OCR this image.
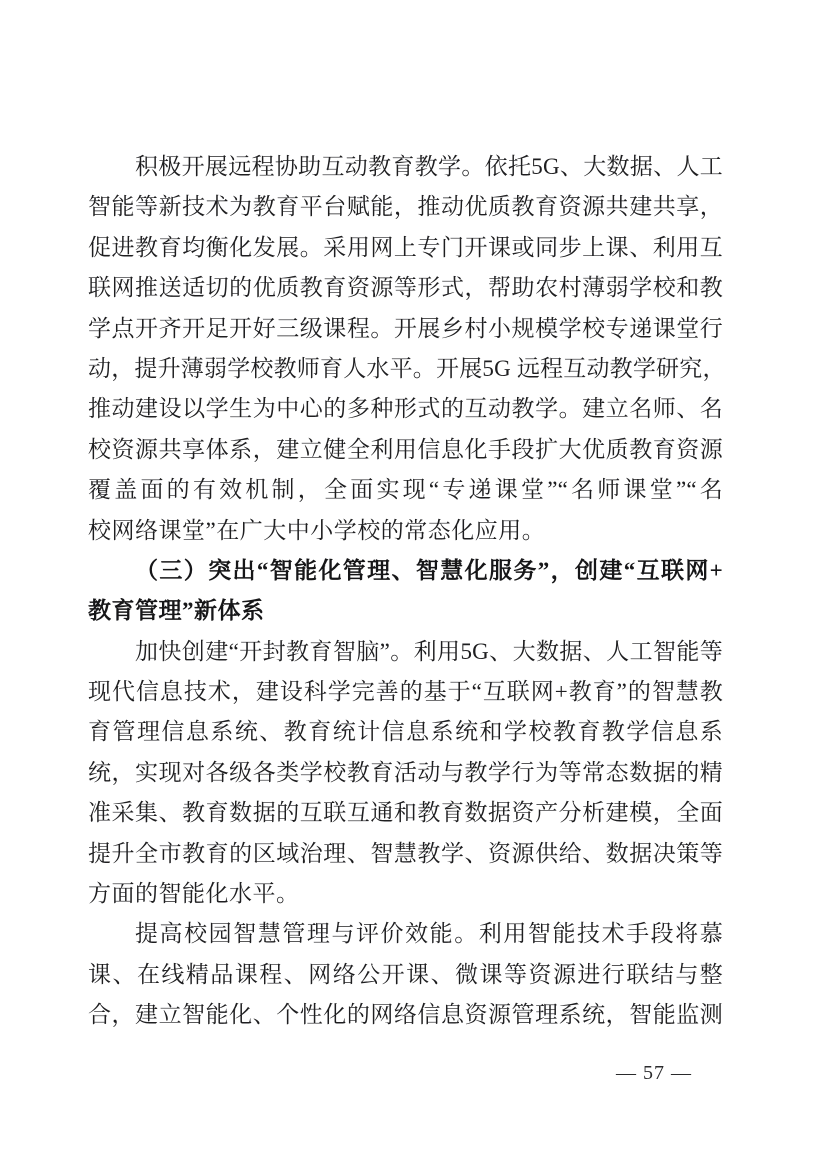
积极开展远程协助互动教育教学。依托5G、大数据、人工
智能等新技术为教育平台赋能，推动优质教育资源共建共享，
促进教育均衡化发展。采用网上专门开课或同步上课、利用互
联网推送适切的优质教育资源等形式，帮助农村薄弱学校和教
学点开齐开足开好三级课程。开展乡村小规模学校专递课堂行
动，提升薄弱学校教师育人水平。开展5G 远程互动教学研究，
推动建设以学生为中心的多种形式的互动教学。建立名师、名
校资源共享体系，建立健全利用信息化手段扩大优质教育资源
覆盖面的有效机制，全面实现“专递课堂”“名师课堂”“名
校网络课堂”在广大中小学校的常态化应用。
（三）突出“智能化管理、智慧化服务”，创建“互联网+
教育管理”新体系
加快创建“开封教育智脑”。利用5G、大数据、人工智能等
现代信息技术，建设科学完善的基于“互联网+教育”的智慧教
育管理信息系统、教育统计信息系统和学校教育教学信息系
统，实现对各级各类学校教育活动与教学行为等常态数据的精
准采集、教育数据的互联互通和教育数据资产分析建模，全面
提升全市教育的区域治理、智慧教学、资源供给、数据决策等
方面的智能化水平。
提高校园智慧管理与评价效能。利用智能技术手段将慕
课、在线精品课程、网络公开课、微课等资源进行联结与整
合，建立智能化、个性化的网络信息资源管理系统，智能监测
— 57 —
